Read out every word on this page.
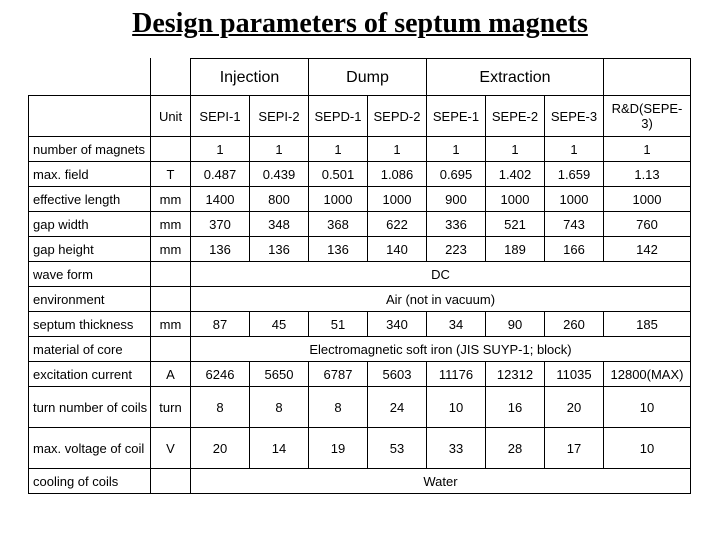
Design parameters of septum magnets
		Injection		Dump		Extraction			
	Unit	SEPI-1	SEPI-2	SEPD-1	SEPD-2	SEPE-1	SEPE-2	SEPE-3	R&D(SEPE-3)
number of magnets		1	1	1	1	1	1	1	1
max. field	T	0.487	0.439	0.501	1.086	0.695	1.402	1.659	1.13
effective length	mm	1400	800	1000	1000	900	1000	1000	1000
gap width	mm	370	348	368	622	336	521	743	760
gap height	mm	136	136	136	140	223	189	166	142
wave form		DC							
environment		Air (not in vacuum)							
septum thickness	mm	87	45	51	340	34	90	260	185
material of core		Electromagnetic soft iron (JIS SUYP-1; block)							
excitation current	A	6246	5650	6787	5603	11176	12312	11035	12800(MAX)
turn number of coils	turn	8	8	8	24	10	16	20	10
max. voltage of coil	V	20	14	19	53	33	28	17	10
cooling of coils		Water							
